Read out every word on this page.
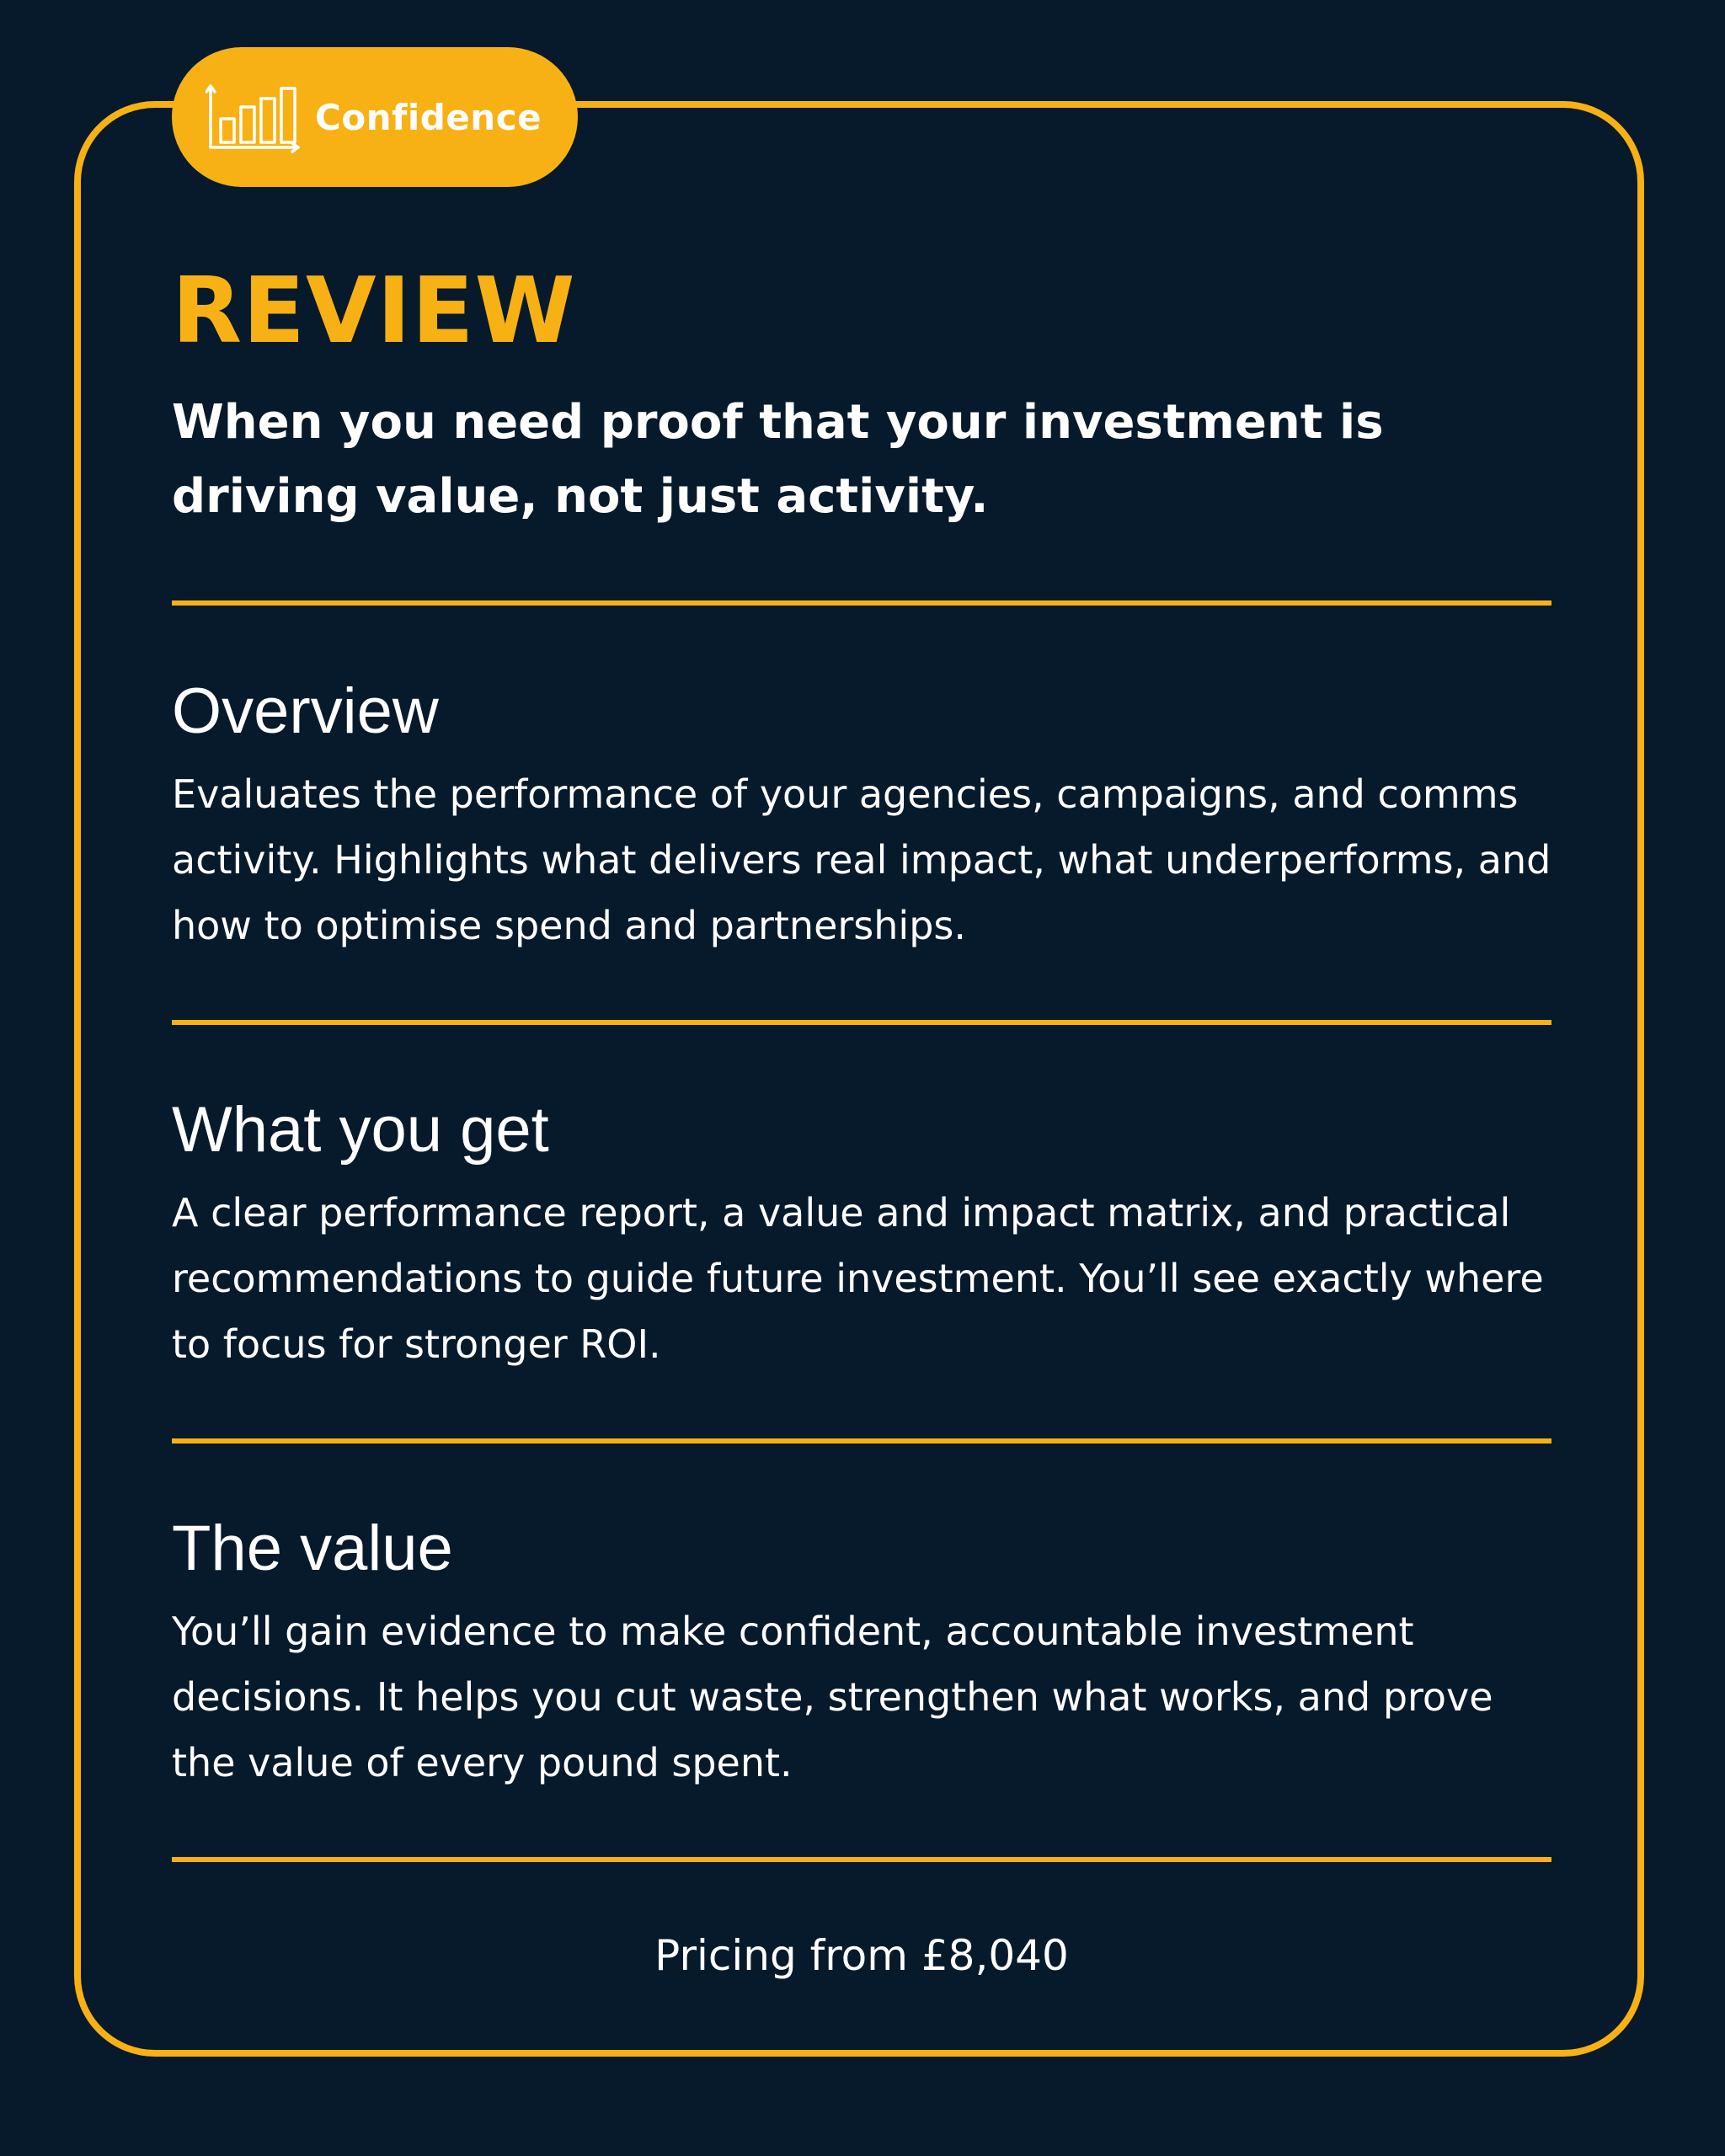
Confidence
REVIEW

When you need proof that your investment is driving value, not just activity.

Overview

Evaluates the performance of your agencies, campaigns, and comms activity. Highlights what delivers real impact, what underperforms, and how to optimise spend and partnerships.

What you get

A clear performance report, a value and impact matrix, and practical recommendations to guide future investment. You’ll see exactly where to focus for stronger ROI.

The value

You’ll gain evidence to make confident, accountable investment decisions. It helps you cut waste, strengthen what works, and prove the value of every pound spent.

Pricing from £8,040
